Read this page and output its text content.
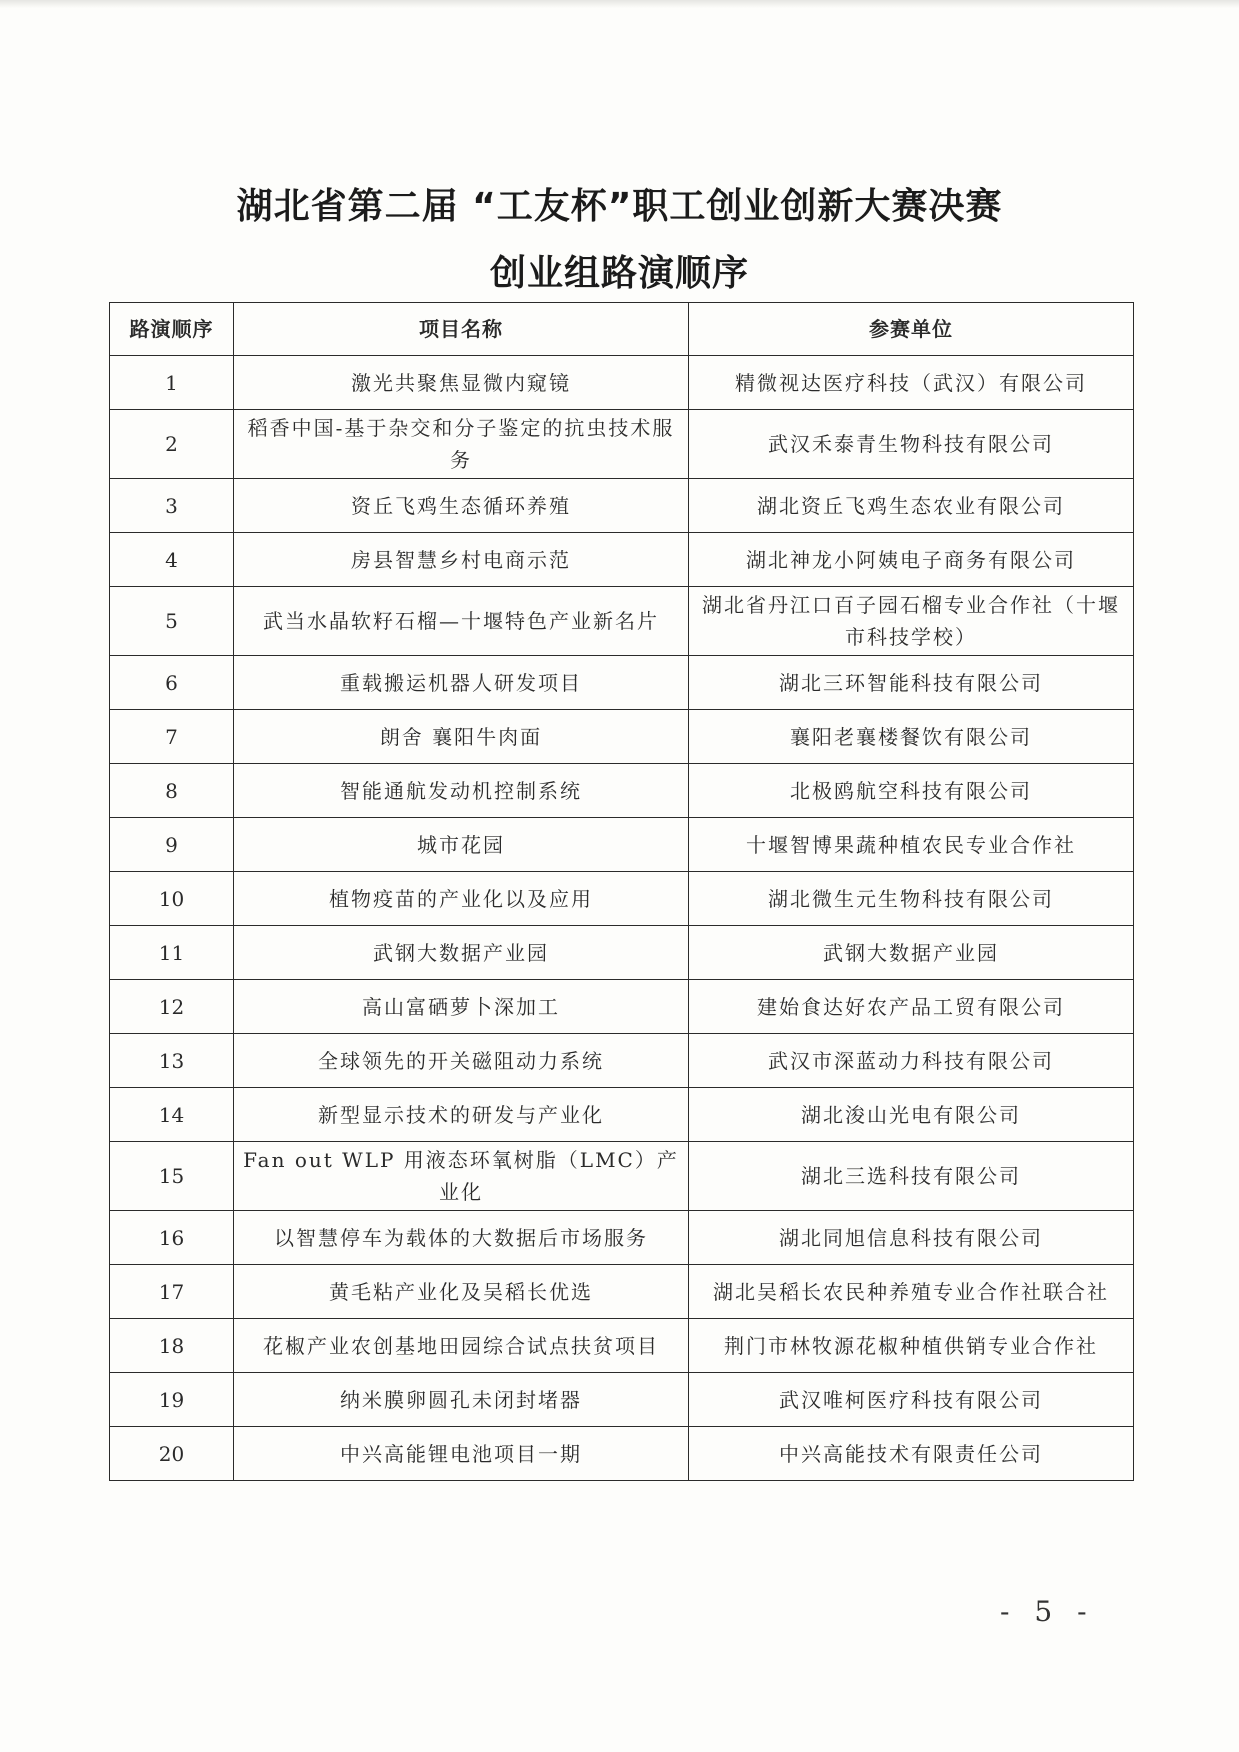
湖北省第二届 “工友杯”职工创业创新大赛决赛
创业组路演顺序
路演顺序	项目名称	参赛单位
1	激光共聚焦显微内窥镜	精微视达医疗科技（武汉）有限公司
2	稻香中国-基于杂交和分子鉴定的抗虫技术服务	武汉禾泰青生物科技有限公司
3	资丘飞鸡生态循环养殖	湖北资丘飞鸡生态农业有限公司
4	房县智慧乡村电商示范	湖北神龙小阿姨电子商务有限公司
5	武当水晶软籽石榴—十堰特色产业新名片	湖北省丹江口百子园石榴专业合作社（十堰市科技学校）
6	重载搬运机器人研发项目	湖北三环智能科技有限公司
7	朗舍 襄阳牛肉面	襄阳老襄楼餐饮有限公司
8	智能通航发动机控制系统	北极鸥航空科技有限公司
9	城市花园	十堰智博果蔬种植农民专业合作社
10	植物疫苗的产业化以及应用	湖北微生元生物科技有限公司
11	武钢大数据产业园	武钢大数据产业园
12	高山富硒萝卜深加工	建始食达好农产品工贸有限公司
13	全球领先的开关磁阻动力系统	武汉市深蓝动力科技有限公司
14	新型显示技术的研发与产业化	湖北浚山光电有限公司
15	Fan out WLP 用液态环氧树脂（LMC）产业化	湖北三选科技有限公司
16	以智慧停车为载体的大数据后市场服务	湖北同旭信息科技有限公司
17	黄毛粘产业化及吴稻长优选	湖北吴稻长农民种养殖专业合作社联合社
18	花椒产业农创基地田园综合试点扶贫项目	荆门市林牧源花椒种植供销专业合作社
19	纳米膜卵圆孔未闭封堵器	武汉唯柯医疗科技有限公司
20	中兴高能锂电池项目一期	中兴高能技术有限责任公司
- 5 -
